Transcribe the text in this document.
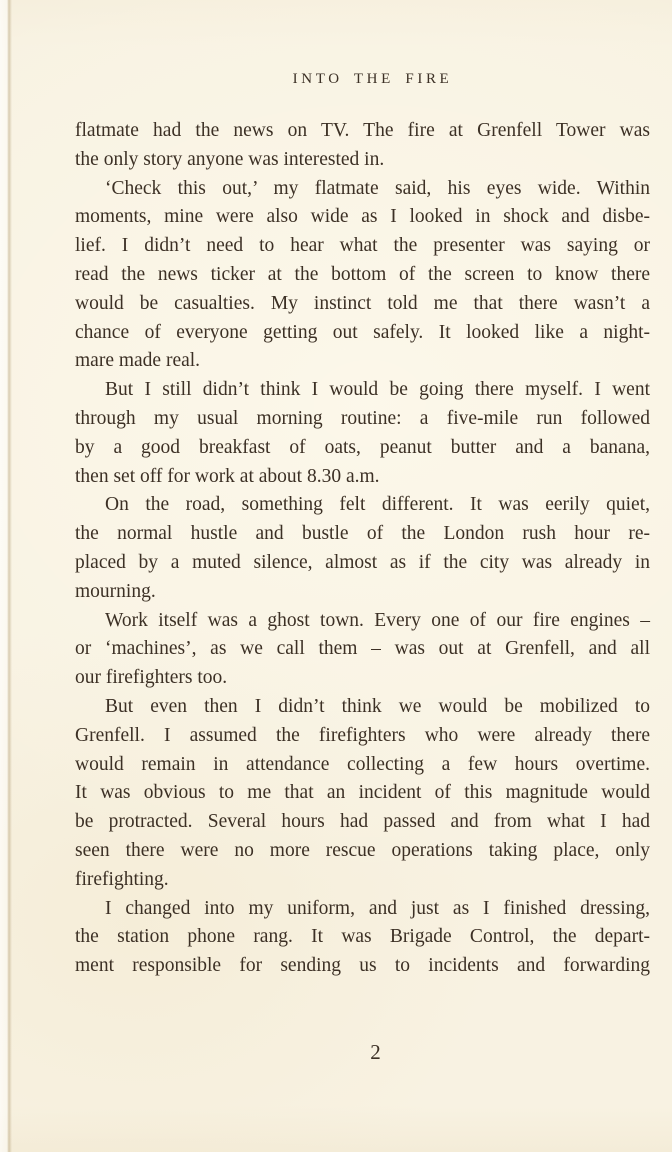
INTO THE FIRE

flatmate had the news on TV. The fire at Grenfell Tower was

the only story anyone was interested in.

‘Check this out,’ my flatmate said, his eyes wide. Within

moments, mine were also wide as I looked in shock and disbe-

lief. I didn’t need to hear what the presenter was saying or

read the news ticker at the bottom of the screen to know there

would be casualties. My instinct told me that there wasn’t a

chance of everyone getting out safely. It looked like a night-

mare made real.

But I still didn’t think I would be going there myself. I went

through my usual morning routine: a five-mile run followed

by a good breakfast of oats, peanut butter and a banana,

then set off for work at about 8.30 a.m.

On the road, something felt different. It was eerily quiet,

the normal hustle and bustle of the London rush hour re-

placed by a muted silence, almost as if the city was already in

mourning.

Work itself was a ghost town. Every one of our fire engines –

or ‘machines’, as we call them – was out at Grenfell, and all

our firefighters too.

But even then I didn’t think we would be mobilized to

Grenfell. I assumed the firefighters who were already there

would remain in attendance collecting a few hours overtime.

It was obvious to me that an incident of this magnitude would

be protracted. Several hours had passed and from what I had

seen there were no more rescue operations taking place, only

firefighting.

I changed into my uniform, and just as I finished dressing,

the station phone rang. It was Brigade Control, the depart-

ment responsible for sending us to incidents and forwarding

2
